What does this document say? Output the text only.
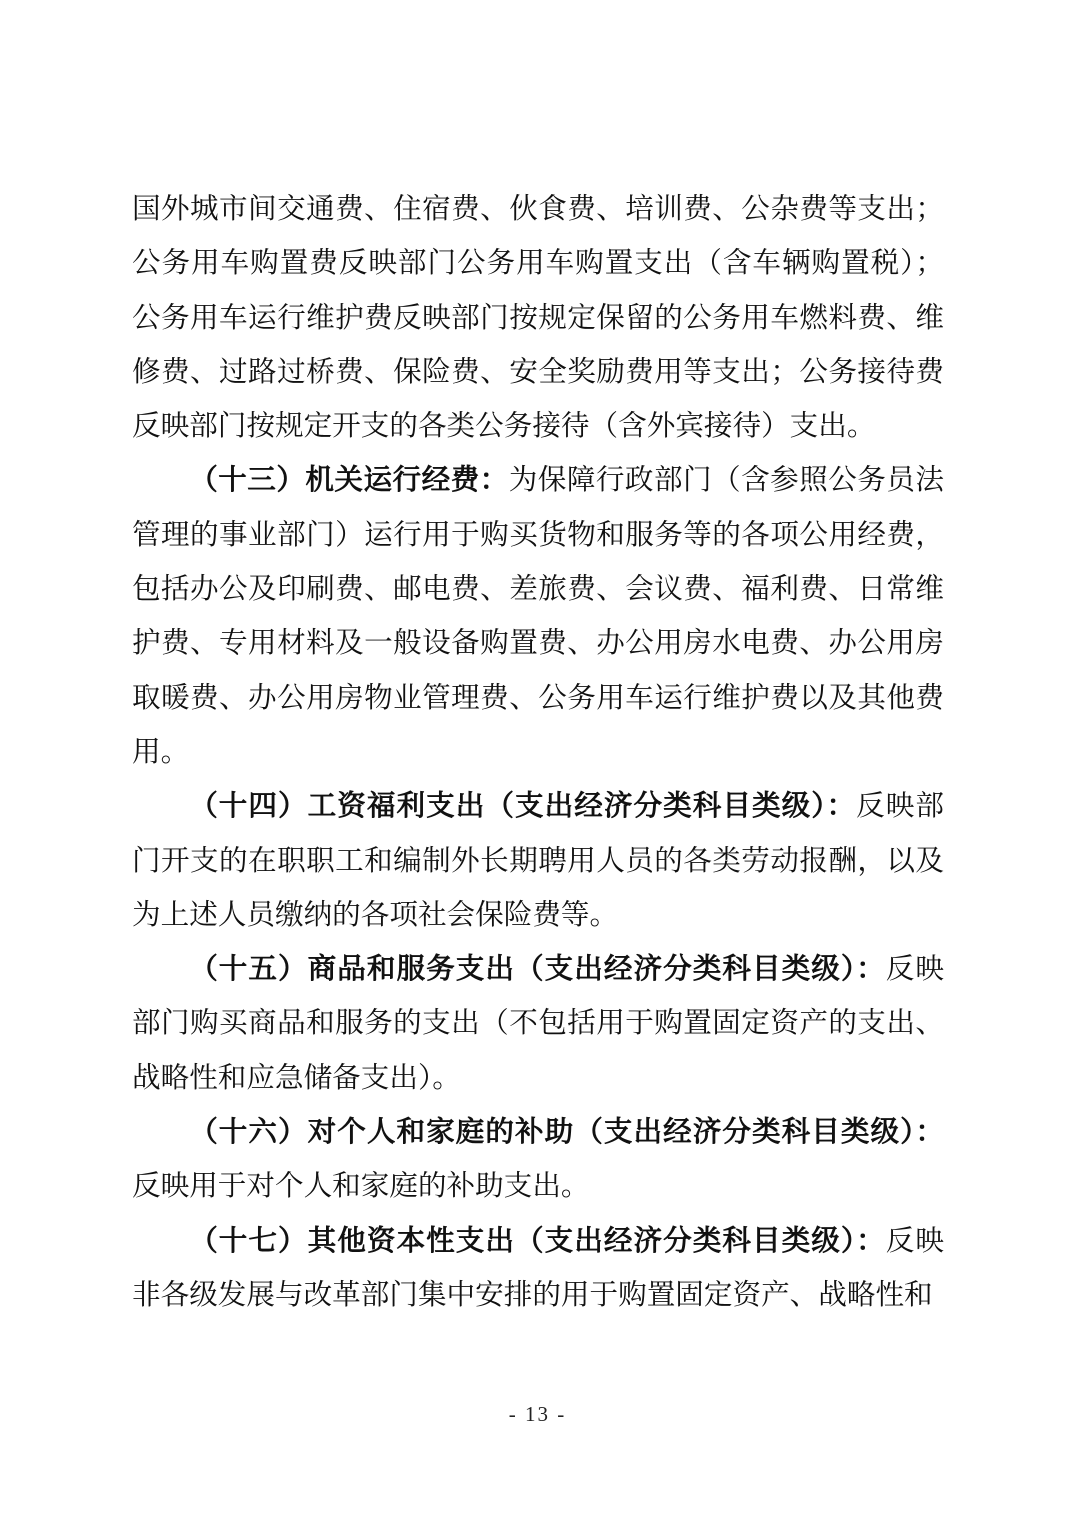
国外城市间交通费、住宿费、伙食费、培训费、公杂费等支出；公务用车购置费反映部门公务用车购置支出（含车辆购置税）；公务用车运行维护费反映部门按规定保留的公务用车燃料费、维修费、过路过桥费、保险费、安全奖励费用等支出；公务接待费反映部门按规定开支的各类公务接待（含外宾接待）支出。

（十三）机关运行经费：为保障行政部门（含参照公务员法管理的事业部门）运行用于购买货物和服务等的各项公用经费，包括办公及印刷费、邮电费、差旅费、会议费、福利费、日常维护费、专用材料及一般设备购置费、办公用房水电费、办公用房取暖费、办公用房物业管理费、公务用车运行维护费以及其他费用。

（十四）工资福利支出（支出经济分类科目类级）：反映部门开支的在职职工和编制外长期聘用人员的各类劳动报酬，以及为上述人员缴纳的各项社会保险费等。

（十五）商品和服务支出（支出经济分类科目类级）：反映部门购买商品和服务的支出（不包括用于购置固定资产的支出、战略性和应急储备支出）。

（十六）对个人和家庭的补助（支出经济分类科目类级）：反映用于对个人和家庭的补助支出。

（十七）其他资本性支出（支出经济分类科目类级）：反映非各级发展与改革部门集中安排的用于购置固定资产、战略性和

- 13 -
